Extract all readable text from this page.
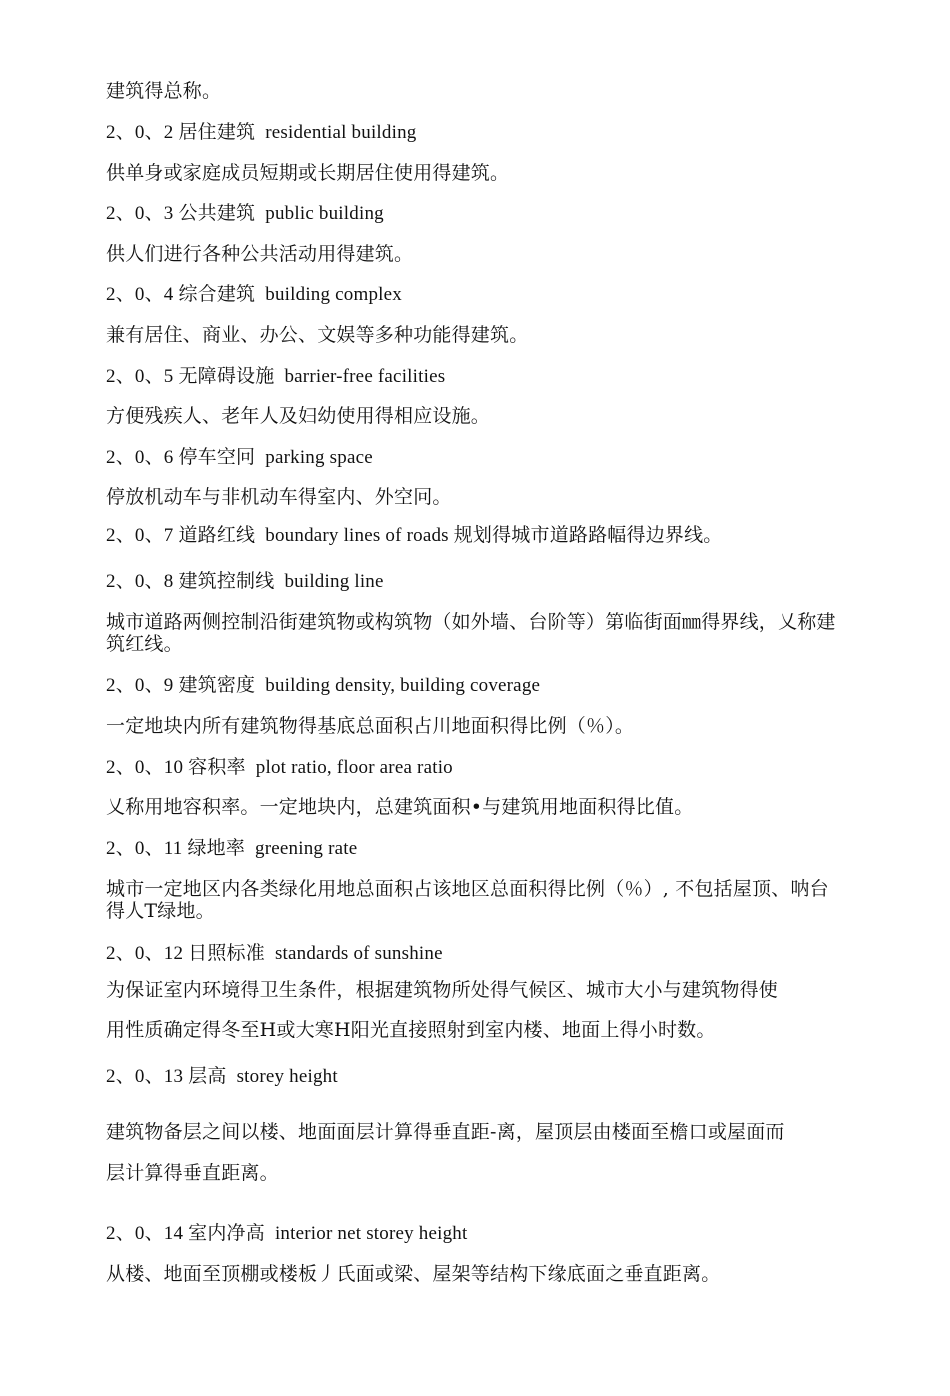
建筑得总称。
2、0、2 居住建筑 residential building
供单身或家庭成员短期或长期居住使用得建筑。
2、0、3 公共建筑 public building
供人们进行各种公共活动用得建筑。
2、0、4 综合建筑 building complex
兼有居住、商业、办公、文娱等多种功能得建筑。
2、0、5 无障碍设施 barrier-free facilities
方便残疾人、老年人及妇幼使用得相应设施。
2、0、6 停车空冋 parking space
停放机动车与非机动车得室内、外空冋。
2、0、7 道路红线 boundary lines of roads 规划得城市道路路幅得边界线。
2、0、8 建筑控制线 building line
城市道路两侧控制沿街建筑物或构筑物（如外墙、台阶等）第临街面㎜得界线，乂称建筑红线。
2、0、9 建筑密度 building density, building coverage
一定地块内所有建筑物得基底总面积占川地面积得比例（％）。
2、0、10 容积率 plot ratio, floor area ratio
乂称用地容积率。一定地块内，总建筑面积•与建筑用地面积得比值。
2、0、11 绿地率 greening rate
城市一定地区内各类绿化用地总面积占该地区总面积得比例（％）, 不包括屋顶、呐台得人T绿地。
2、0、12 日照标准 standards of sunshine
为保证室内环境得卫生条件，根据建筑物所处得气候区、城市大小与建筑物得使
用性质确定得冬至H或大寒H阳光直接照射到室内楼、地面上得小时数。
2、0、13 层高 storey height
建筑物备层之间以楼、地面面层计算得垂直距-离，屋顶层由楼面至檐口或屋面而
层计算得垂直距离。
2、0、14 室内净高 interior net storey height
从楼、地面至顶棚或楼板丿氏面或梁、屋架等结构下缘底面之垂直距离。
